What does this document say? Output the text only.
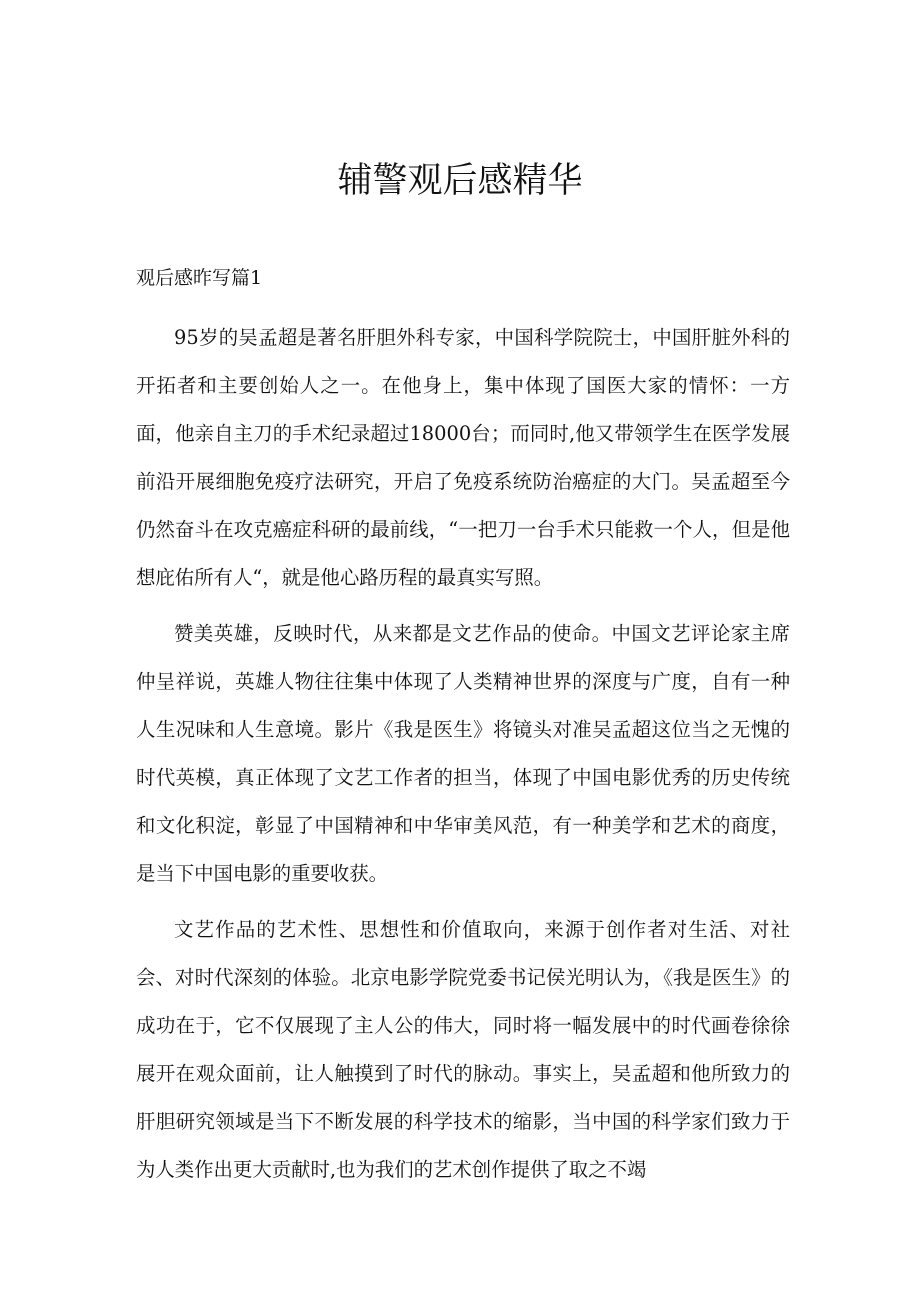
辅警观后感精华
观后感昨写篇1

95岁的吴孟超是著名肝胆外科专家，中国科学院院士，中国肝脏外科的开拓者和主要创始人之一。在他身上，集中体现了国医大家的情怀：一方面，他亲自主刀的手术纪录超过18000台；而同时,他又带领学生在医学发展前沿开展细胞免疫疗法研究，开启了免疫系统防治癌症的大门。吴孟超至今仍然奋斗在攻克癌症科研的最前线，“一把刀一台手术只能救一个人，但是他想庇佑所有人“，就是他心路历程的最真实写照。

赞美英雄，反映时代，从来都是文艺作品的使命。中国文艺评论家主席仲呈祥说，英雄人物往往集中体现了人类精神世界的深度与广度，自有一种人生况味和人生意境。影片《我是医生》将镜头对准吴孟超这位当之无愧的时代英模，真正体现了文艺工作者的担当，体现了中国电影优秀的历史传统和文化积淀，彰显了中国精神和中华审美风范，有一种美学和艺术的商度，是当下中国电影的重要收获。

文艺作品的艺术性、思想性和价值取向，来源于创作者对生活、对社会、对时代深刻的体验。北京电影学院党委书记侯光明认为，《我是医生》的成功在于，它不仅展现了主人公的伟大，同时将一幅发展中的时代画卷徐徐展开在观众面前，让人触摸到了时代的脉动。事实上，吴孟超和他所致力的肝胆研究领域是当下不断发展的科学技术的缩影，当中国的科学家们致力于为人类作出更大贡献时,也为我们的艺术创作提供了取之不竭
